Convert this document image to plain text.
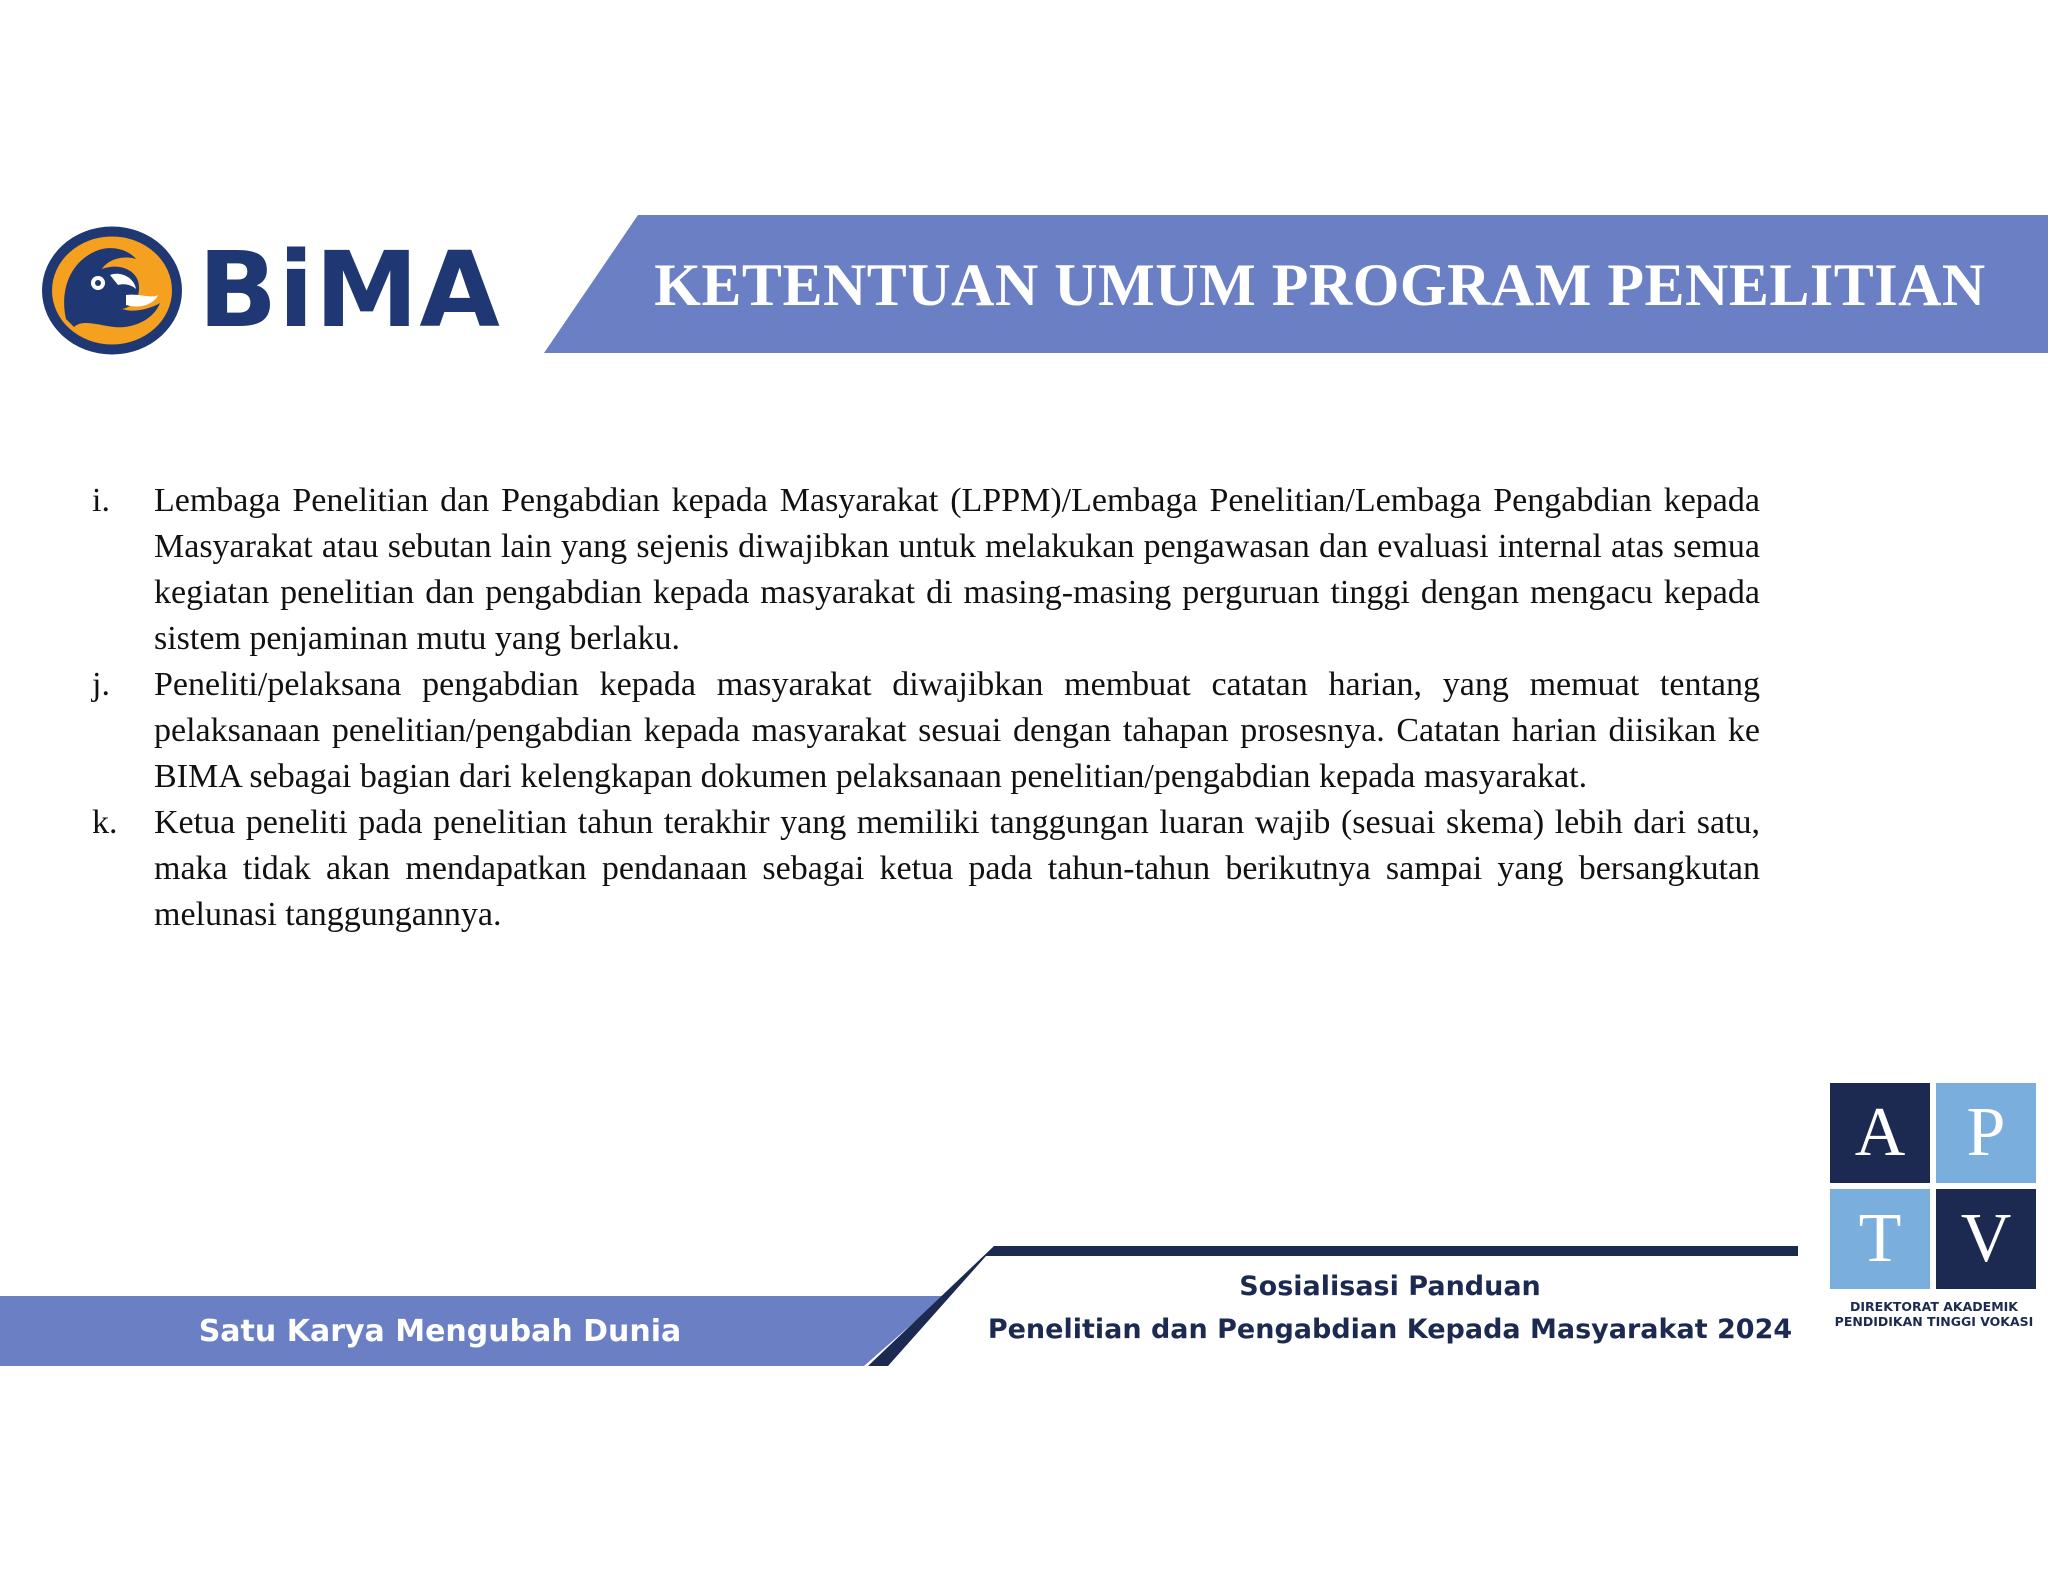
BiMA	KETENTUAN UMUM PROGRAM PENELITIAN
i. Lembaga Penelitian dan Pengabdian kepada Masyarakat (LPPM)/Lembaga Penelitian/Lembaga Pengabdian kepada Masyarakat atau sebutan lain yang sejenis diwajibkan untuk melakukan pengawasan dan evaluasi internal atas semua kegiatan penelitian dan pengabdian kepada masyarakat di masing-masing perguruan tinggi dengan mengacu kepada sistem penjaminan mutu yang berlaku.
j. Peneliti/pelaksana pengabdian kepada masyarakat diwajibkan membuat catatan harian, yang memuat tentang pelaksanaan penelitian/pengabdian kepada masyarakat sesuai dengan tahapan prosesnya. Catatan harian diisikan ke BIMA sebagai bagian dari kelengkapan dokumen pelaksanaan penelitian/pengabdian kepada masyarakat.
k. Ketua peneliti pada penelitian tahun terakhir yang memiliki tanggungan luaran wajib (sesuai skema) lebih dari satu, maka tidak akan mendapatkan pendanaan sebagai ketua pada tahun-tahun berikutnya sampai yang bersangkutan melunasi tanggungannya.
Satu Karya Mengubah Dunia
Sosialisasi Panduan
Penelitian dan Pengabdian Kepada Masyarakat 2024
A P
T V
DIREKTORAT AKADEMIK
PENDIDIKAN TINGGI VOKASI
